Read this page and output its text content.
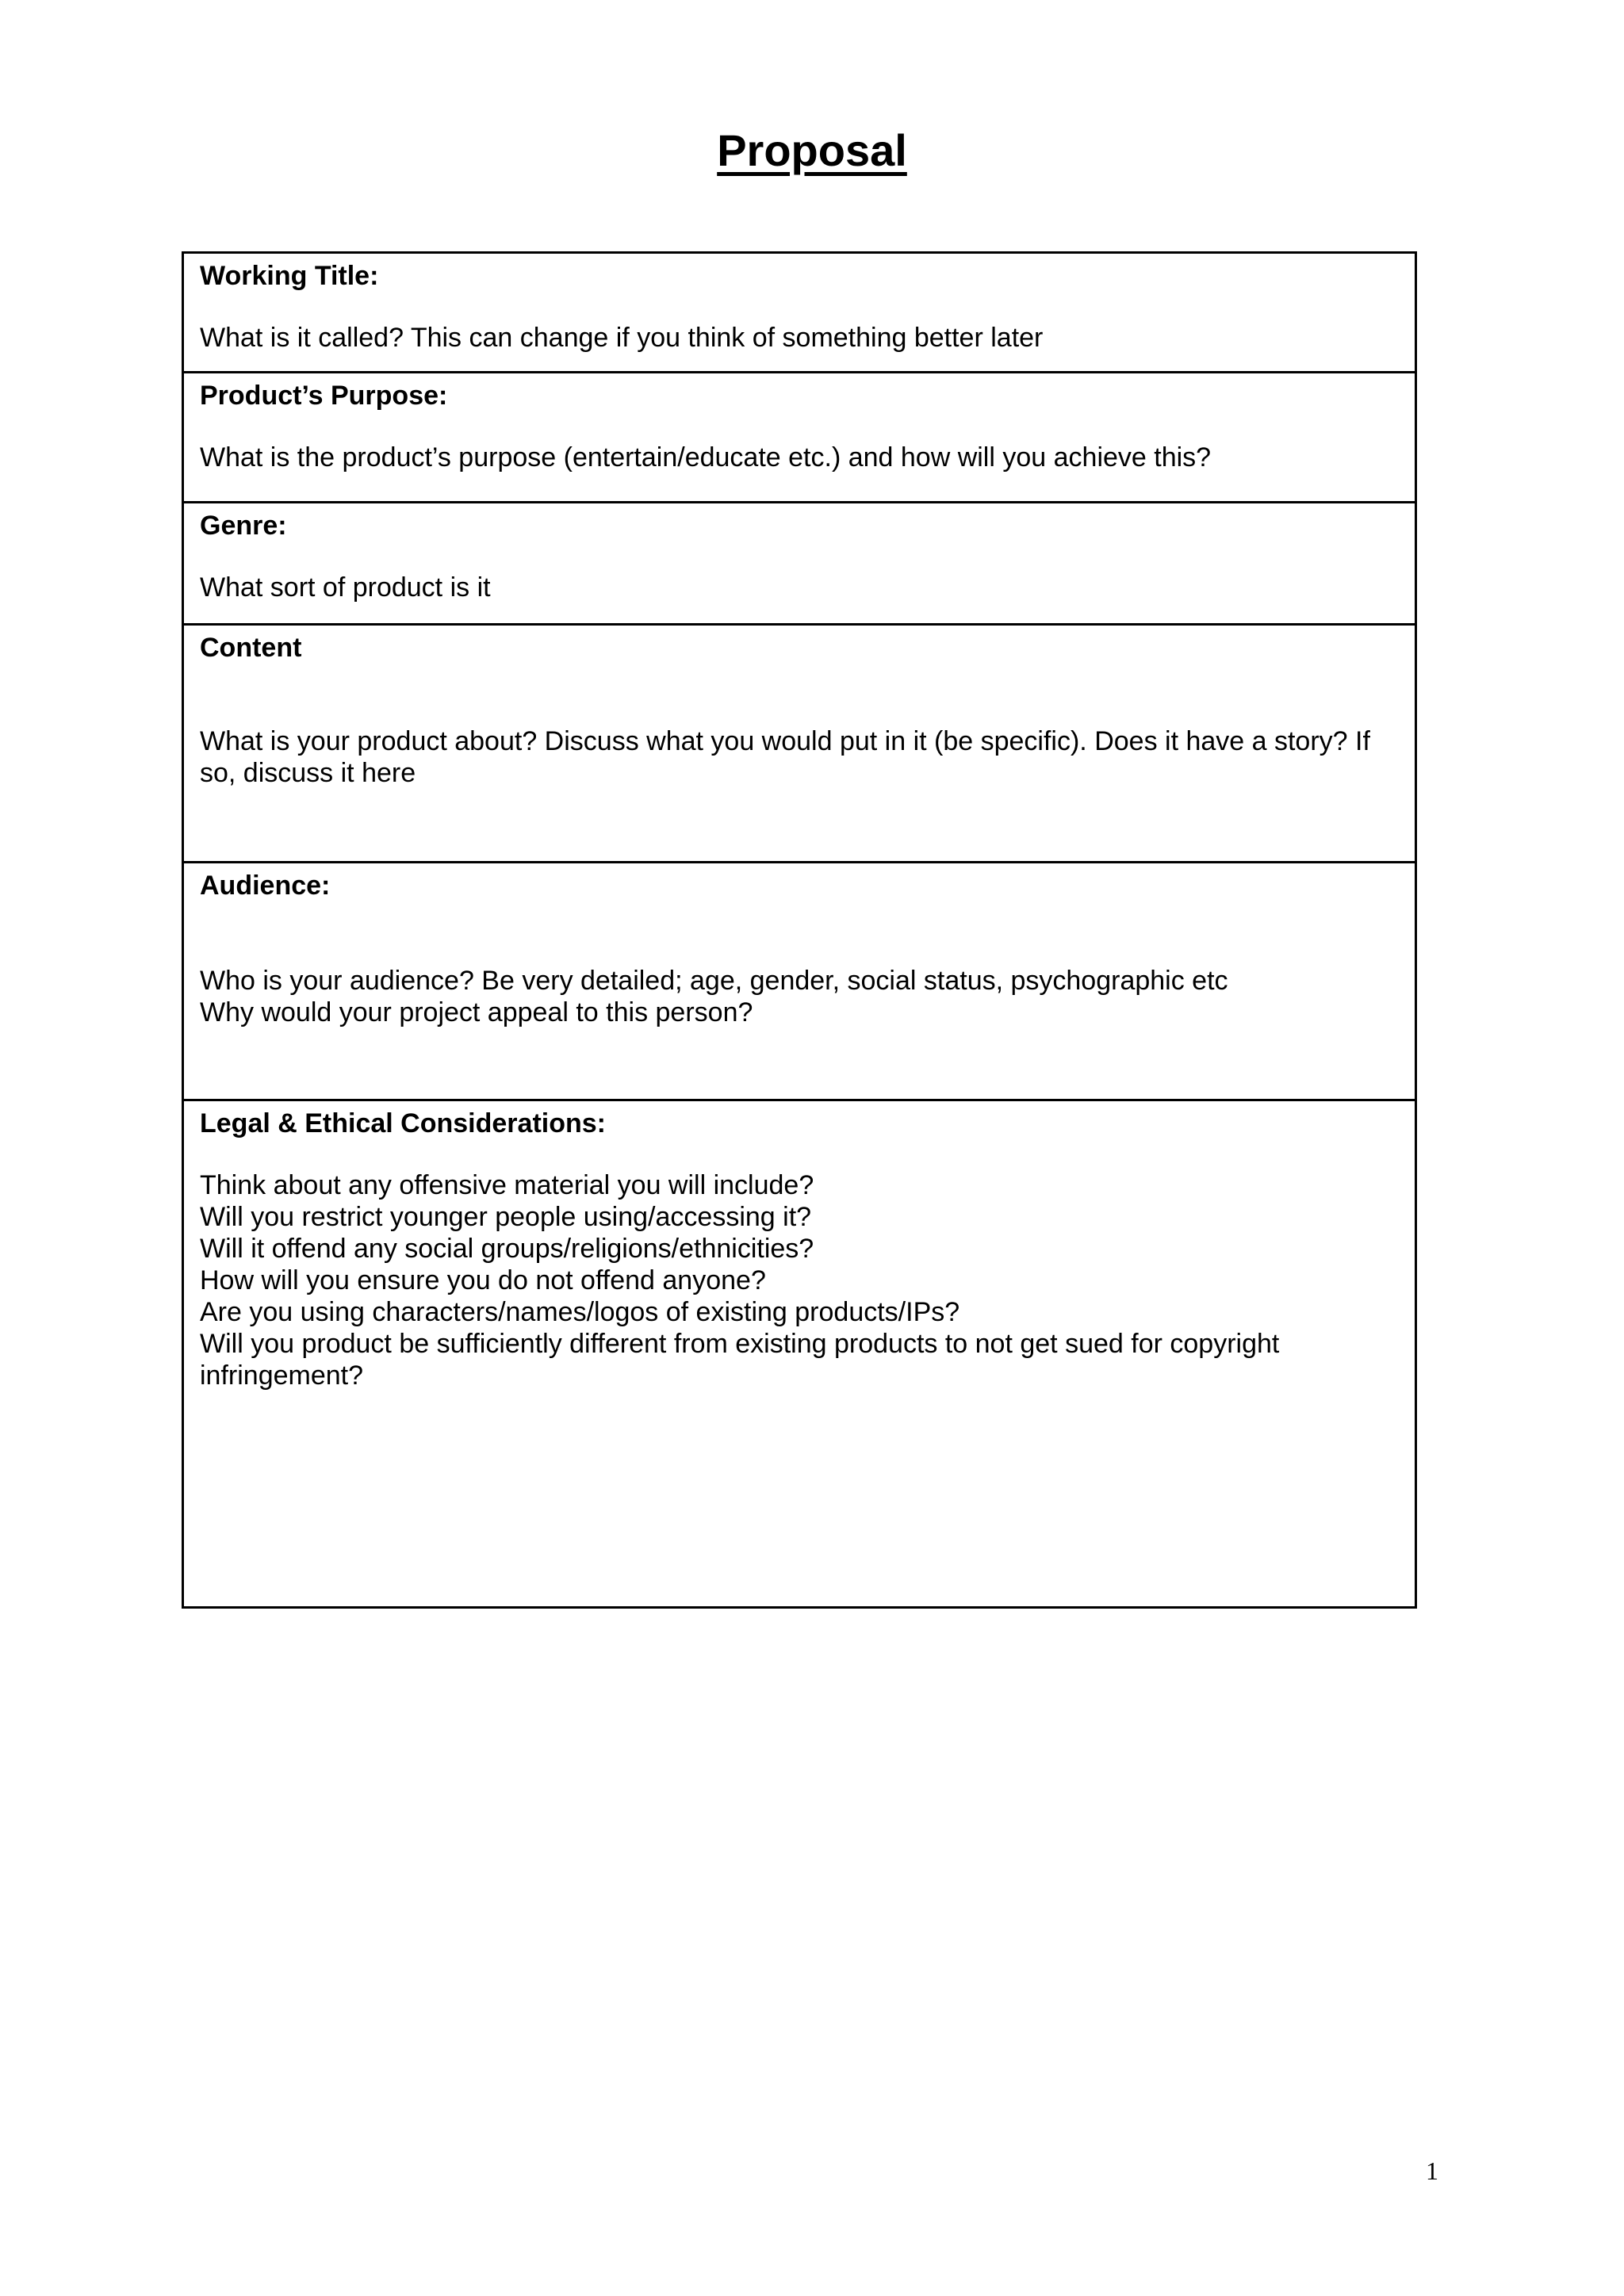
Proposal

Working Title:

What is it called? This can change if you think of something better later

Product’s Purpose:

What is the product’s purpose (entertain/educate etc.) and how will you achieve this?

Genre:

What sort of product is it

Content

What is your product about? Discuss what you would put in it (be specific). Does it have a story? If so, discuss it here

Audience:

Who is your audience? Be very detailed; age, gender, social status, psychographic etc
Why would your project appeal to this person?

Legal & Ethical Considerations:

Think about any offensive material you will include?
Will you restrict younger people using/accessing it?
Will it offend any social groups/religions/ethnicities?
How will you ensure you do not offend anyone?
Are you using characters/names/logos of existing products/IPs?
Will you product be sufficiently different from existing products to not get sued for copyright infringement?

1
